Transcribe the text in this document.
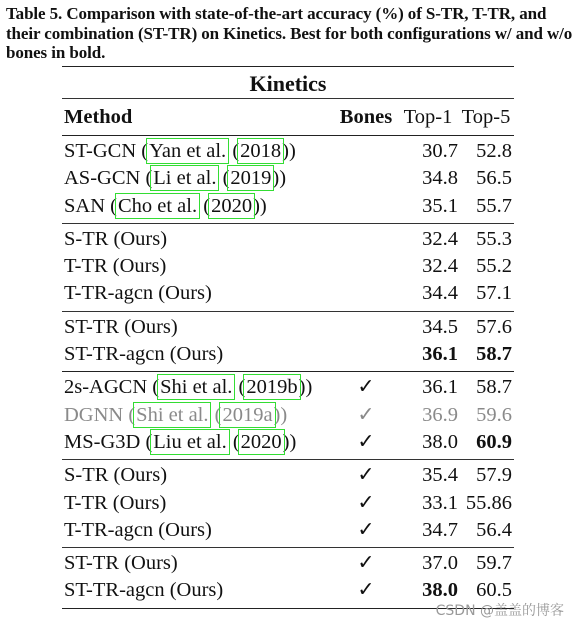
Table 5. Comparison with state-of-the-art accuracy (%) of S-TR, T-TR, and their combination (ST-TR) on Kinetics. Best for both configurations w/ and w/o bones in bold.
Kinetics
Method	Bones Top-1 Top-5
ST-GCN (Yan et al. (2018))	30.7 52.8
AS-GCN (Li et al. (2019))	34.8 56.5
SAN (Cho et al. (2020))	35.1 55.7
S-TR (Ours)	32.4 55.3
T-TR (Ours)	32.4 55.2
T-TR-agcn (Ours)	34.4 57.1
ST-TR (Ours)	34.5 57.6
ST-TR-agcn (Ours)	36.1 58.7
2s-AGCN (Shi et al. (2019b))	✓	36.1 58.7
DGNN (Shi et al. (2019a))	✓	36.9 59.6
MS-G3D (Liu et al. (2020))	✓	38.0 60.9
S-TR (Ours)	✓	35.4 57.9
T-TR (Ours)	✓	33.1 55.86
T-TR-agcn (Ours)	✓	34.7 56.4
ST-TR (Ours)	✓	37.0 59.7
ST-TR-agcn (Ours)	✓	38.0 60.5
CSDN @盖盖的博客
